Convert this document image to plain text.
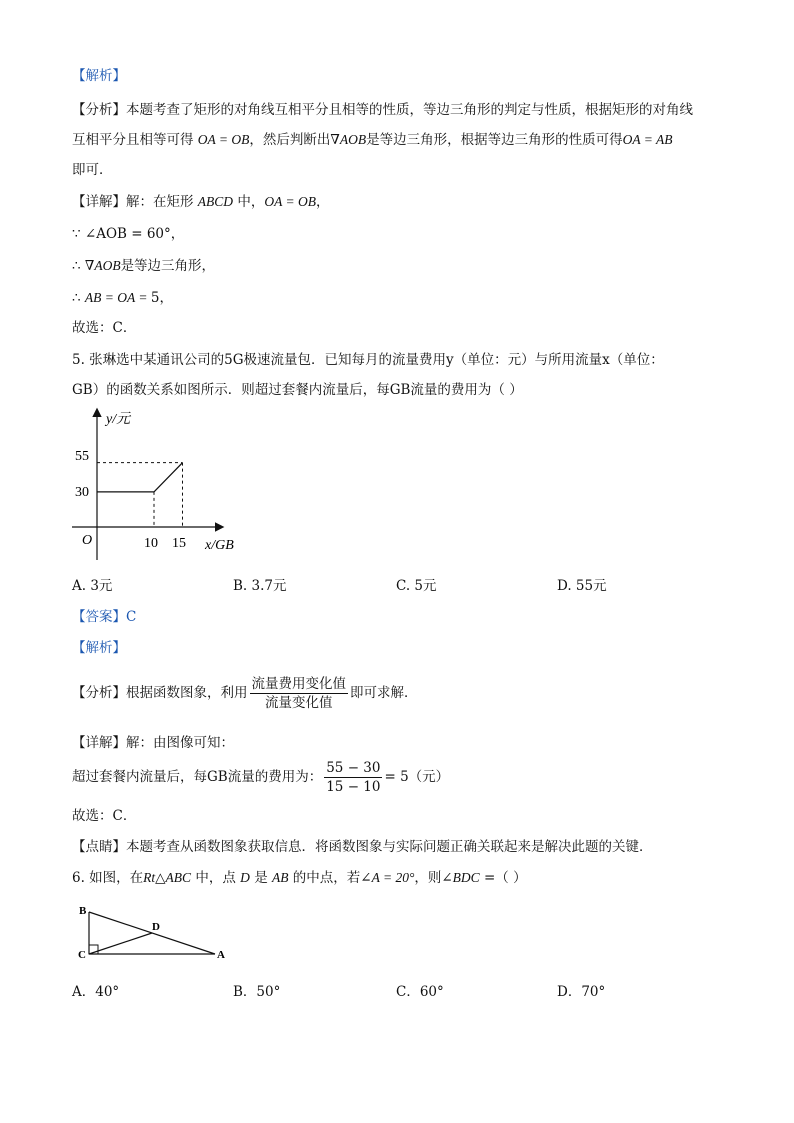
【解析】
【分析】本题考查了矩形的对角线互相平分且相等的性质，等边三角形的判定与性质，根据矩形的对角线
互相平分且相等可得 OA = OB，然后判断出∇AOB是等边三角形，根据等边三角形的性质可得OA = AB
即可．
【详解】解：在矩形 ABCD 中，OA = OB，
∵ ∠AOB = 60°，
∴ ∇AOB是等边三角形，
∴ AB = OA = 5，
故选：C．
5. 张琳选中某通讯公司的5G极速流量包．已知每月的流量费用y（单位：元）与所用流量x（单位：
GB）的函数关系如图所示．则超过套餐内流量后，每GB流量的费用为（ ）
y/元
x/GB
O
55
30
10 15
A. 3元	B. 3.7元	C. 5元	D. 55元
【答案】C
【解析】
【分析】根据函数图象，利用 $\frac{\text{流量费用变化值}}{\text{流量变化值}}$ 即可求解．
【详解】解：由图像可知：
超过套餐内流量后，每GB流量的费用为： $\frac{55 - 30}{15 - 10} = 5$（元）
故选：C．
【点睛】本题考查从函数图象获取信息．将函数图象与实际问题正确关联起来是解决此题的关键．
6. 如图，在Rt△ABC 中，点 D 是 AB 的中点，若∠A = 20°，则∠BDC =（ ）
B
C
D
A
A．40°	B．50°	C．60°	D．70°
